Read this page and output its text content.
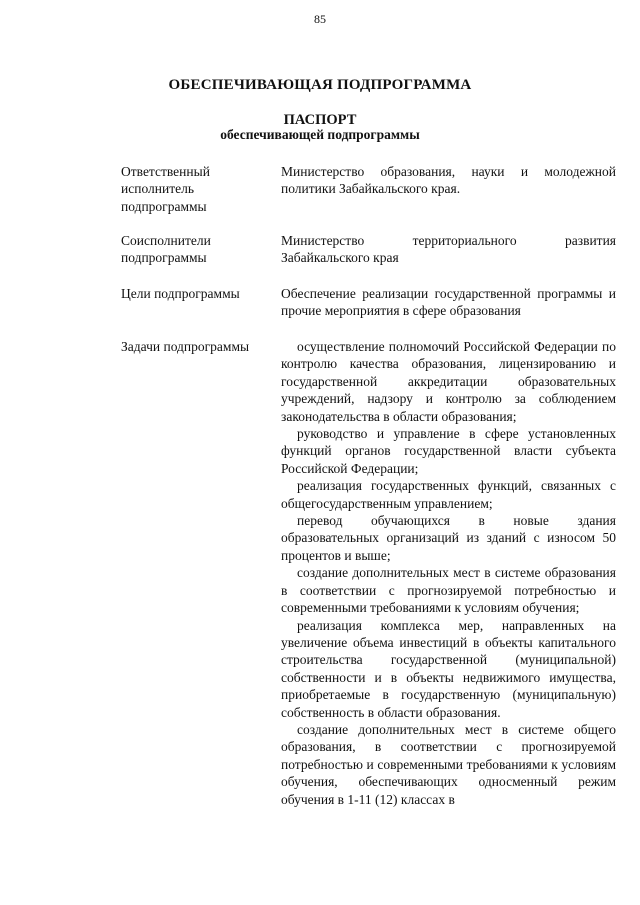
85
ОБЕСПЕЧИВАЮЩАЯ ПОДПРОГРАММА
ПАСПОРТ
обеспечивающей подпрограммы
Ответственный исполнитель подпрограммы

Министерство образования, науки и молодежной политики Забайкальского края.

Соисполнители подпрограммы

Министерство территориального развития Забайкальского края

Цели подпрограммы	Обеспечение реализации государственной программы и прочие мероприятия в сфере образования

Задачи подпрограммы	осуществление полномочий Российской Федерации по контролю качества образования, лицензированию и государственной аккредитации образовательных учреждений, надзору и контролю за соблюдением законодательства в области образования;

руководство и управление в сфере установленных функций органов государственной власти субъекта Российской Федерации;

реализация государственных функций, связанных с общегосударственным управлением;

перевод обучающихся в новые здания образовательных организаций из зданий с износом 50 процентов и выше;

создание дополнительных мест в системе образования в соответствии с прогнозируемой потребностью и современными требованиями к условиям обучения;

реализация комплекса мер, направленных на увеличение объема инвестиций в объекты капитального строительства государственной (муниципальной) собственности и в объекты недвижимого имущества, приобретаемые в государственную (муниципальную) собственность в области образования.

создание дополнительных мест в системе общего образования, в соответствии с прогнозируемой потребностью и современными требованиями к условиям обучения, обеспечивающих односменный режим обучения в 1-11 (12) классах в
